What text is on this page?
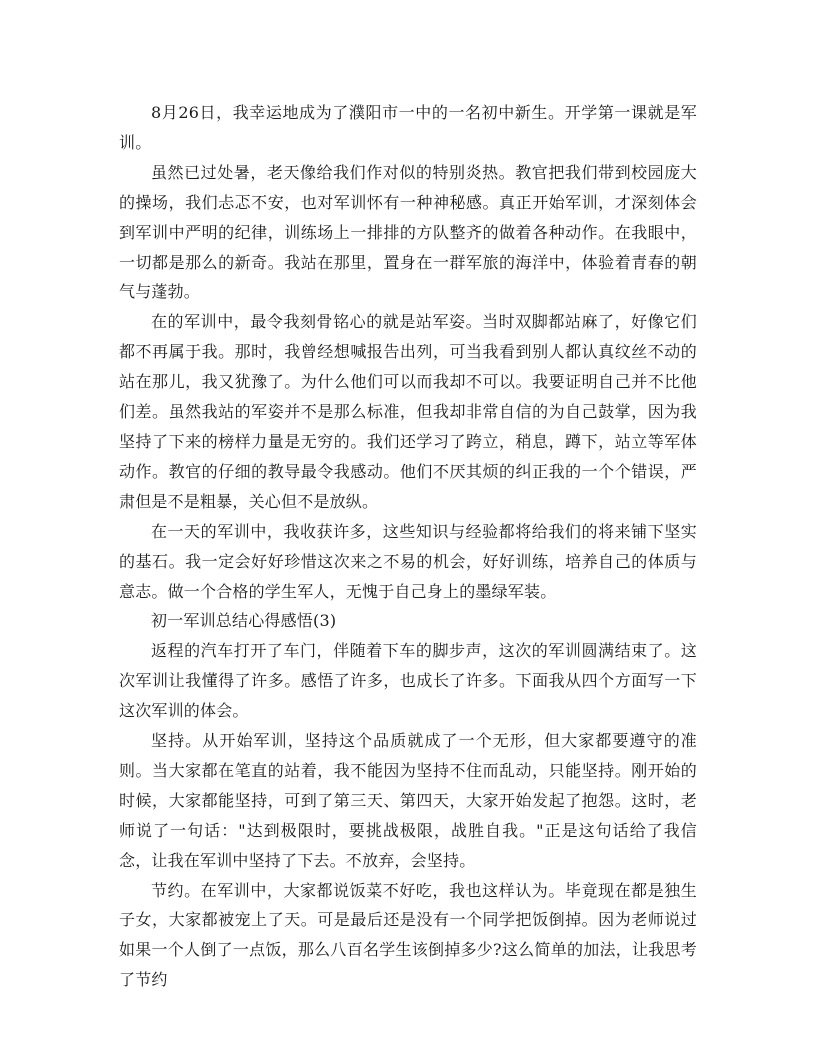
8月26日，我幸运地成为了濮阳市一中的一名初中新生。开学第一课就是军训。

虽然已过处暑，老天像给我们作对似的特别炎热。教官把我们带到校园庞大的操场，我们忐忑不安，也对军训怀有一种神秘感。真正开始军训，才深刻体会到军训中严明的纪律，训练场上一排排的方队整齐的做着各种动作。在我眼中，一切都是那么的新奇。我站在那里，置身在一群军旅的海洋中，体验着青春的朝气与蓬勃。

在的军训中，最令我刻骨铭心的就是站军姿。当时双脚都站麻了，好像它们都不再属于我。那时，我曾经想喊报告出列，可当我看到别人都认真纹丝不动的站在那儿，我又犹豫了。为什么他们可以而我却不可以。我要证明自己并不比他们差。虽然我站的军姿并不是那么标准，但我却非常自信的为自己鼓掌，因为我坚持了下来的榜样力量是无穷的。我们还学习了跨立，稍息，蹲下，站立等军体动作。教官的仔细的教导最令我感动。他们不厌其烦的纠正我的一个个错误，严肃但是不是粗暴，关心但不是放纵。

在一天的军训中，我收获许多，这些知识与经验都将给我们的将来铺下坚实的基石。我一定会好好珍惜这次来之不易的机会，好好训练，培养自己的体质与意志。做一个合格的学生军人，无愧于自己身上的墨绿军装。

初一军训总结心得感悟(3)

返程的汽车打开了车门，伴随着下车的脚步声，这次的军训圆满结束了。这次军训让我懂得了许多。感悟了许多，也成长了许多。下面我从四个方面写一下这次军训的体会。

坚持。从开始军训，坚持这个品质就成了一个无形，但大家都要遵守的准则。当大家都在笔直的站着，我不能因为坚持不住而乱动，只能坚持。刚开始的时候，大家都能坚持，可到了第三天、第四天，大家开始发起了抱怨。这时，老师说了一句话："达到极限时，要挑战极限，战胜自我。"正是这句话给了我信念，让我在军训中坚持了下去。不放弃，会坚持。

节约。在军训中，大家都说饭菜不好吃，我也这样认为。毕竟现在都是独生子女，大家都被宠上了天。可是最后还是没有一个同学把饭倒掉。因为老师说过如果一个人倒了一点饭，那么八百名学生该倒掉多少?这么简单的加法，让我思考了节约
